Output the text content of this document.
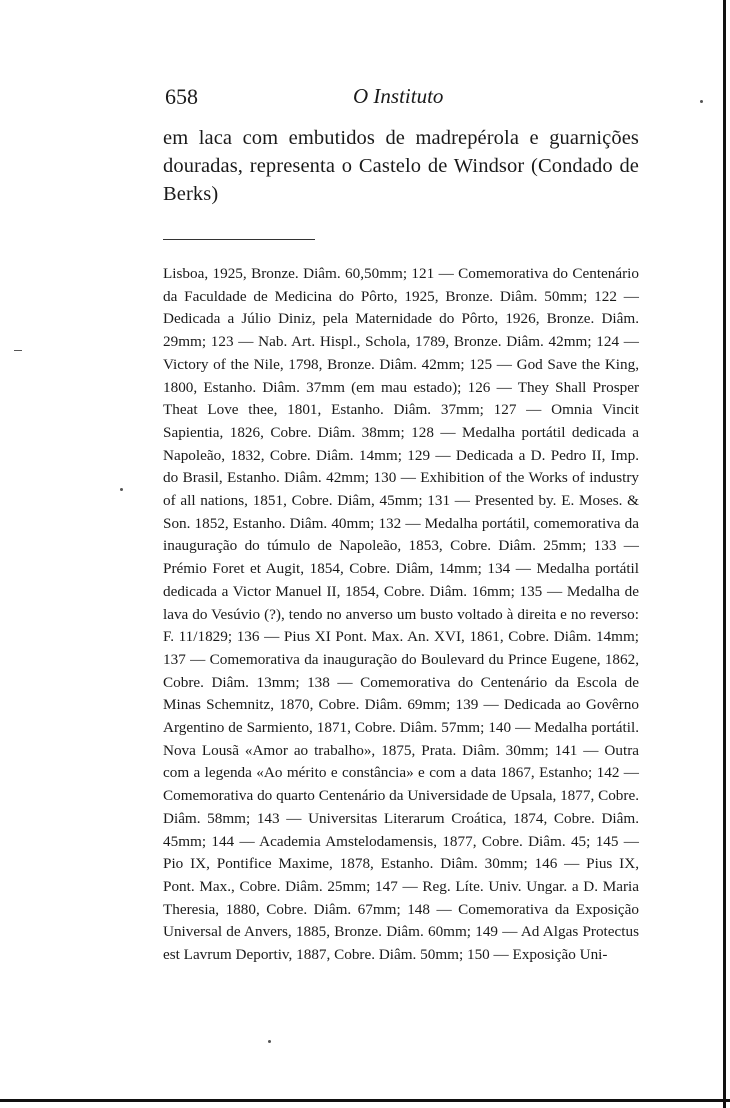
658	O Instituto

em laca com embutidos de madrepérola e guarnições douradas, representa o Castelo de Windsor (Condado de Berks)

Lisboa, 1925, Bronze. Diâm. 60,50mm; 121 — Comemorativa do Centenário da Faculdade de Medicina do Pôrto, 1925, Bronze. Diâm. 50mm; 122 — Dedicada a Júlio Diniz, pela Maternidade do Pôrto, 1926, Bronze. Diâm. 29mm; 123 — Nab. Art. Hispl., Schola, 1789, Bronze. Diâm. 42mm; 124 — Victory of the Nile, 1798, Bronze. Diâm. 42mm; 125 — God Save the King, 1800, Estanho. Diâm. 37mm (em mau estado); 126 — They Shall Prosper Theat Love thee, 1801, Estanho. Diâm. 37mm; 127 — Omnia Vincit Sapientia, 1826, Cobre. Diâm. 38mm; 128 — Medalha portátil dedicada a Napoleão, 1832, Cobre. Diâm. 14mm; 129 — Dedicada a D. Pedro II, Imp. do Brasil, Estanho. Diâm. 42mm; 130 — Exhibition of the Works of industry of all nations, 1851, Cobre. Diâm, 45mm; 131 — Presented by. E. Moses. & Son. 1852, Estanho. Diâm. 40mm; 132 — Medalha portátil, comemorativa da inauguração do túmulo de Napoleão, 1853, Cobre. Diâm. 25mm; 133 — Prémio Foret et Augit, 1854, Cobre. Diâm, 14mm; 134 — Medalha portátil dedicada a Victor Manuel II, 1854, Cobre. Diâm. 16mm; 135 — Medalha de lava do Vesúvio (?), tendo no anverso um busto voltado à direita e no reverso: F. 11/1829; 136 — Pius XI Pont. Max. An. XVI, 1861, Cobre. Diâm. 14mm; 137 — Comemorativa da inauguração do Boulevard du Prince Eugene, 1862, Cobre. Diâm. 13mm; 138 — Comemorativa do Centenário da Escola de Minas Schemnitz, 1870, Cobre. Diâm. 69mm; 139 — Dedicada ao Govêrno Argentino de Sarmiento, 1871, Cobre. Diâm. 57mm; 140 — Medalha portátil. Nova Lousã «Amor ao trabalho», 1875, Prata. Diâm. 30mm; 141 — Outra com a legenda «Ao mérito e constância» e com a data 1867, Estanho; 142 — Comemorativa do quarto Centenário da Universidade de Upsala, 1877, Cobre. Diâm. 58mm; 143 — Universitas Literarum Croática, 1874, Cobre. Diâm. 45mm; 144 — Academia Amstelodamensis, 1877, Cobre. Diâm. 45; 145 — Pio IX, Pontifice Maxime, 1878, Estanho. Diâm. 30mm; 146 — Pius IX, Pont. Max., Cobre. Diâm. 25mm; 147 — Reg. Líte. Univ. Ungar. a D. Maria Theresia, 1880, Cobre. Diâm. 67mm; 148 — Comemorativa da Exposição Universal de Anvers, 1885, Bronze. Diâm. 60mm; 149 — Ad Algas Protectus est Lavrum Deportiv, 1887, Cobre. Diâm. 50mm; 150 — Exposição Uni-
